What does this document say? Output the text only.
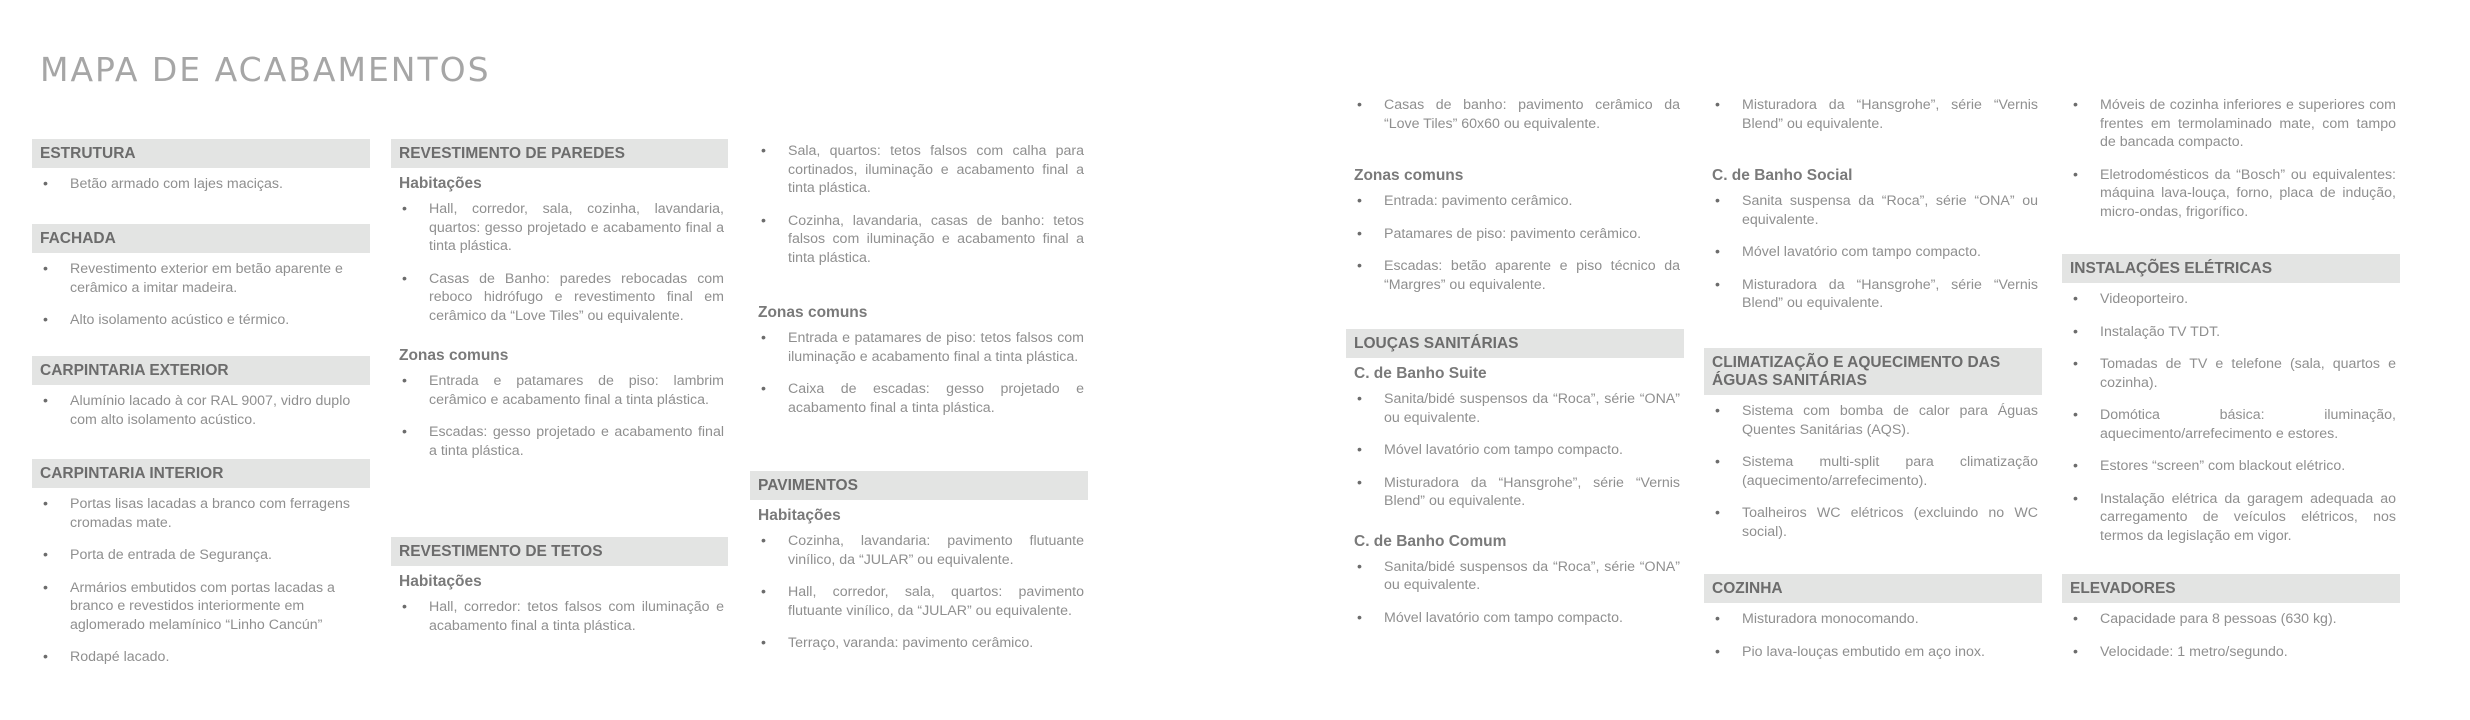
MAPA DE ACABAMENTOS
ESTRUTURA
• Betão armado com lajes maciças.
FACHADA
• Revestimento exterior em betão aparente e cerâmico a imitar madeira.
• Alto isolamento acústico e térmico.
CARPINTARIA EXTERIOR
• Alumínio lacado à cor RAL 9007, vidro duplo com alto isolamento acústico.
CARPINTARIA INTERIOR
• Portas lisas lacadas a branco com ferragens cromadas mate.
• Porta de entrada de Segurança.
• Armários embutidos com portas lacadas a branco e revestidos interiormente em aglomerado melamínico “Linho Cancún”
• Rodapé lacado.
REVESTIMENTO DE PAREDES
Habitações
• Hall, corredor, sala, cozinha, lavandaria, quartos: gesso projetado e acabamento final a tinta plástica.
• Casas de Banho: paredes rebocadas com reboco hidrófugo e revestimento final em cerâmico da “Love Tiles” ou equivalente.
Zonas comuns
• Entrada e patamares de piso: lambrim cerâmico e acabamento final a tinta plástica.
• Escadas: gesso projetado e acabamento final a tinta plástica.
REVESTIMENTO DE TETOS
Habitações
• Hall, corredor: tetos falsos com iluminação e acabamento final a tinta plástica.
• Sala, quartos: tetos falsos com calha para cortinados, iluminação e acabamento final a tinta plástica.
• Cozinha, lavandaria, casas de banho: tetos falsos com iluminação e acabamento final a tinta plástica.
Zonas comuns
• Entrada e patamares de piso: tetos falsos com iluminação e acabamento final a tinta plástica.
• Caixa de escadas: gesso projetado e acabamento final a tinta plástica.
PAVIMENTOS
Habitações
• Cozinha, lavandaria: pavimento flutuante vinílico, da “JULAR” ou equivalente.
• Hall, corredor, sala, quartos: pavimento flutuante vinílico, da “JULAR” ou equivalente.
• Terraço, varanda: pavimento cerâmico.
• Casas de banho: pavimento cerâmico da “Love Tiles” 60x60 ou equivalente.
Zonas comuns
• Entrada: pavimento cerâmico.
• Patamares de piso: pavimento cerâmico.
• Escadas: betão aparente e piso técnico da “Margres” ou equivalente.
LOUÇAS SANITÁRIAS
C. de Banho Suite
• Sanita/bidé suspensos da “Roca”, série “ONA” ou equivalente.
• Móvel lavatório com tampo compacto.
• Misturadora da “Hansgrohe”, série “Vernis Blend” ou equivalente.
C. de Banho Comum
• Sanita/bidé suspensos da “Roca”, série “ONA” ou equivalente.
• Móvel lavatório com tampo compacto.
• Misturadora da “Hansgrohe”, série “Vernis Blend” ou equivalente.
C. de Banho Social
• Sanita suspensa da “Roca”, série “ONA” ou equivalente.
• Móvel lavatório com tampo compacto.
• Misturadora da “Hansgrohe”, série “Vernis Blend” ou equivalente.
CLIMATIZAÇÃO E AQUECIMENTO DAS ÁGUAS SANITÁRIAS
• Sistema com bomba de calor para Águas Quentes Sanitárias (AQS).
• Sistema multi-split para climatização (aquecimento/arrefecimento).
• Toalheiros WC elétricos (excluindo no WC social).
COZINHA
• Misturadora monocomando.
• Pio lava-louças embutido em aço inox.
• Móveis de cozinha inferiores e superiores com frentes em termolaminado mate, com tampo de bancada compacto.
• Eletrodomésticos da “Bosch” ou equivalentes: máquina lava-louça, forno, placa de indução, micro-ondas, frigorífico.
INSTALAÇÕES ELÉTRICAS
• Videoporteiro.
• Instalação TV TDT.
• Tomadas de TV e telefone (sala, quartos e cozinha).
• Domótica básica: iluminação, aquecimento/arrefecimento e estores.
• Estores “screen” com blackout elétrico.
• Instalação elétrica da garagem adequada ao carregamento de veículos elétricos, nos termos da legislação em vigor.
ELEVADORES
• Capacidade para 8 pessoas (630 kg).
• Velocidade: 1 metro/segundo.
